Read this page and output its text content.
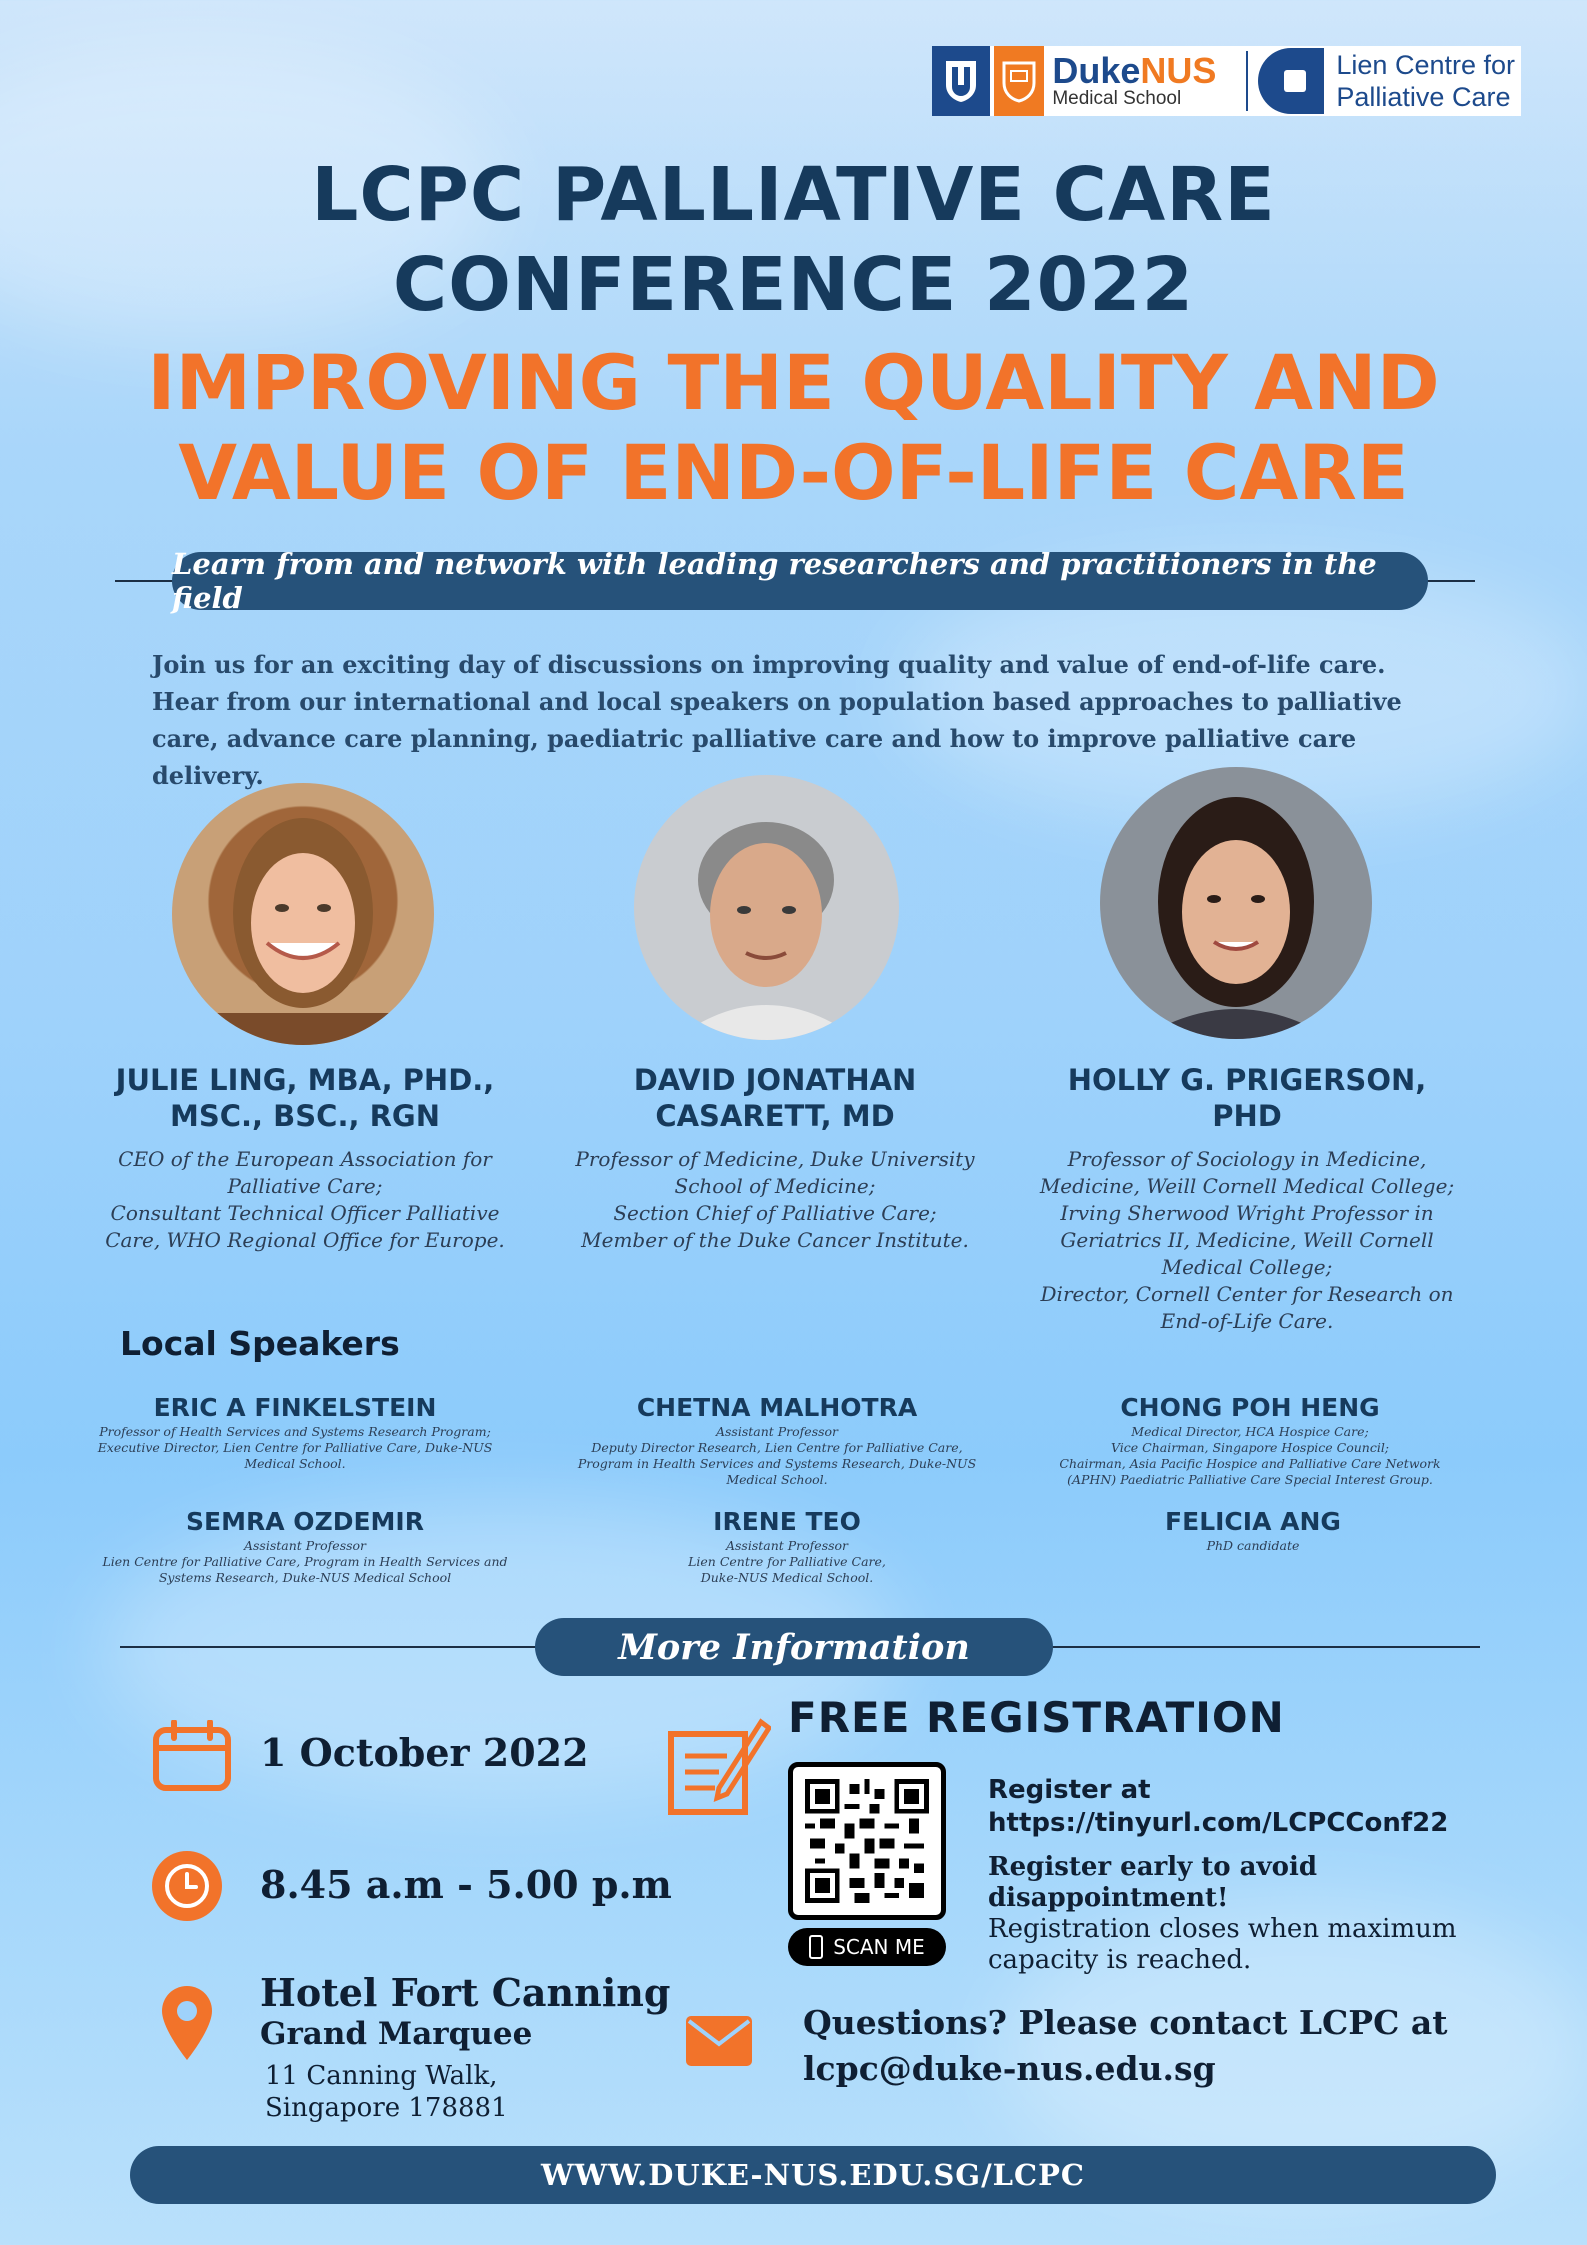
DukeNUS
Medical School
Lien Centre for
Palliative Care
LCPC PALLIATIVE CARE
CONFERENCE 2022
IMPROVING THE QUALITY AND
VALUE OF END-OF-LIFE CARE
Learn from and network with leading researchers and practitioners in the field
Join us for an exciting day of discussions on improving quality and value of end-of-life care. Hear from our international and local speakers on population based approaches to palliative care, advance care planning, paediatric palliative care and how to improve palliative care delivery.
JULIE LING, MBA, PHD.,
MSC., BSC., RGN
CEO of the European Association for
Palliative Care;
Consultant Technical Officer Palliative
Care, WHO Regional Office for Europe.
DAVID JONATHAN
CASARETT, MD
Professor of Medicine, Duke University
School of Medicine;
Section Chief of Palliative Care;
Member of the Duke Cancer Institute.
HOLLY G. PRIGERSON,
PHD
Professor of Sociology in Medicine,
Medicine, Weill Cornell Medical College;
Irving Sherwood Wright Professor in
Geriatrics II, Medicine, Weill Cornell
Medical College;
Director, Cornell Center for Research on
End-of-Life Care.
Local Speakers
ERIC A FINKELSTEIN
Professor of Health Services and Systems Research Program;
Executive Director, Lien Centre for Palliative Care, Duke-NUS
Medical School.
CHETNA MALHOTRA
Assistant Professor
Deputy Director Research, Lien Centre for Palliative Care,
Program in Health Services and Systems Research, Duke-NUS
Medical School.
CHONG POH HENG
Medical Director, HCA Hospice Care;
Vice Chairman, Singapore Hospice Council;
Chairman, Asia Pacific Hospice and Palliative Care Network
(APHN) Paediatric Palliative Care Special Interest Group.
SEMRA OZDEMIR
Assistant Professor
Lien Centre for Palliative Care, Program in Health Services and
Systems Research, Duke-NUS Medical School
IRENE TEO
Assistant Professor
Lien Centre for Palliative Care,
Duke-NUS Medical School.
FELICIA ANG
PhD candidate
More Information
1 October 2022
8.45 a.m - 5.00 p.m
Hotel Fort Canning
Grand Marquee
11 Canning Walk,
Singapore 178881
FREE REGISTRATION
SCAN ME
Register at
https://tinyurl.com/LCPCConf22
Register early to avoid disappointment!
Registration closes when maximum capacity is reached.
Questions? Please contact LCPC at
lcpc@duke-nus.edu.sg
WWW.DUKE-NUS.EDU.SG/LCPC
